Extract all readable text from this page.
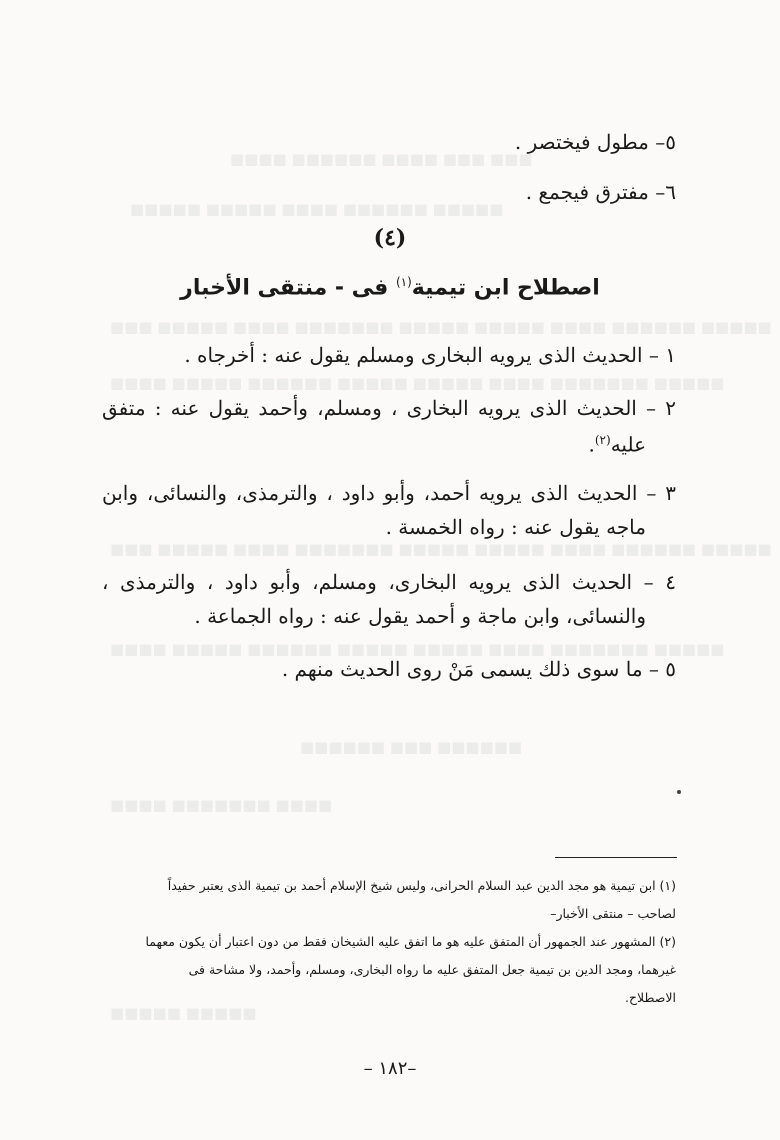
■■■ ■■■ ■■■■ ■■■■■■ ■■■■
■■■■■ ■■■■■■ ■■■■ ■■■■■ ■■■■■
■■■■■ ■■■■■■ ■■■■ ■■■■■ ■■■■■ ■■■■■■■ ■■■■ ■■■■■ ■■■
■■■■■ ■■■■■■■ ■■■■ ■■■■■ ■■■■■ ■■■■■■ ■■■■■ ■■■■
■■■■■ ■■■■■■ ■■■■ ■■■■■ ■■■■■ ■■■■■■■ ■■■■ ■■■■■ ■■■
■■■■■ ■■■■■■■ ■■■■ ■■■■■ ■■■■■ ■■■■■■ ■■■■■ ■■■■
■■■■■■ ■■■ ■■■■■■
■■■■ ■■■■■■■ ■■■■
■■■■■ ■■■■■
٥– مطول فيختصر .
٦– مفترق فيجمع .
(٤)
اصطلاح ابن تيمية$^{(١)}$ فى - منتقى الأخبار
١ – الحديث الذى يرويه البخارى ومسلم يقول عنه : أخرجاه .
٢ – الحديث الذى يرويه البخارى ، ومسلم، وأحمد يقول عنه : متفق
عليه$^{(٢)}$.
٣ – الحديث الذى يرويه أحمد، وأبو داود ، والترمذى، والنسائى، وابن
ماجه يقول عنه : رواه الخمسة .
٤ – الحديث الذى يرويه البخارى، ومسلم، وأبو داود ، والترمذى ،
والنسائى، وابن ماجة و أحمد يقول عنه : رواه الجماعة .
٥ – ما سوى ذلك يسمى مَنْ روى الحديث منهم .
(١) ابن تيمية هو مجد الدين عبد السلام الحرانى، وليس شيخ الإسلام أحمد بن تيمية الذى يعتبر حفيداً
لصاحب – منتقى الأخبار–
(٢) المشهور عند الجمهور أن المتفق عليه هو ما اتفق عليه الشيخان فقط من دون اعتبار أن يكون معهما
غيرهما، ومجد الدين بن تيمية جعل المتفق عليه ما رواه البخارى، ومسلم، وأحمد، ولا مشاحة فى
الاصطلاح.
–١٨٢ –
